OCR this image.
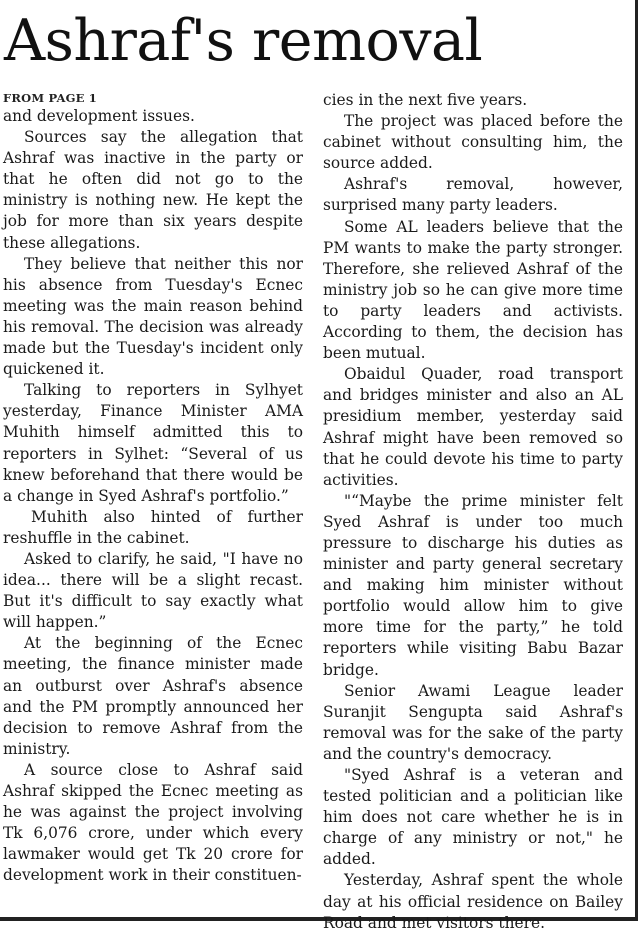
Ashraf's removal
FROM PAGE 1

and development issues.

Sources say the allegation that Ashraf was inactive in the party or that he often did not go to the ministry is nothing new. He kept the job for more than six years despite these allegations.

They believe that neither this nor his absence from Tuesday's Ecnec meeting was the main reason behind his removal. The decision was already made but the Tuesday's incident only quickened it.

Talking to reporters in Sylhyet yesterday, Finance Minister AMA Muhith himself admitted this to reporters in Sylhet: “Several of us knew beforehand that there would be a change in Syed Ashraf's portfolio.”

Muhith also hinted of further reshuffle in the cabinet.

Asked to clarify, he said, "I have no idea... there will be a slight recast. But it's difficult to say exactly what will happen.”

At the beginning of the Ecnec meeting, the finance minister made an outburst over Ashraf's absence and the PM promptly announced her decision to remove Ashraf from the ministry.

A source close to Ashraf said Ashraf skipped the Ecnec meeting as he was against the project involving Tk 6,076 crore, under which every lawmaker would get Tk 20 crore for development work in their constituen-

cies in the next five years.

The project was placed before the cabinet without consulting him, the source added.

Ashraf's removal, however, surprised many party leaders.

Some AL leaders believe that the PM wants to make the party stronger. Therefore, she relieved Ashraf of the ministry job so he can give more time to party leaders and activists. According to them, the decision has been mutual.

Obaidul Quader, road transport and bridges minister and also an AL presidium member, yesterday said Ashraf might have been removed so that he could devote his time to party activities.

"“Maybe the prime minister felt Syed Ashraf is under too much pressure to discharge his duties as minister and party general secretary and making him minister without portfolio would allow him to give more time for the party,” he told reporters while visiting Babu Bazar bridge.

Senior Awami League leader Suranjit Sengupta said Ashraf's removal was for the sake of the party and the country's democracy.

"Syed Ashraf is a veteran and tested politician and a politician like him does not care whether he is in charge of any ministry or not," he added.

Yesterday, Ashraf spent the whole day at his official residence on Bailey Road and met visitors there.
